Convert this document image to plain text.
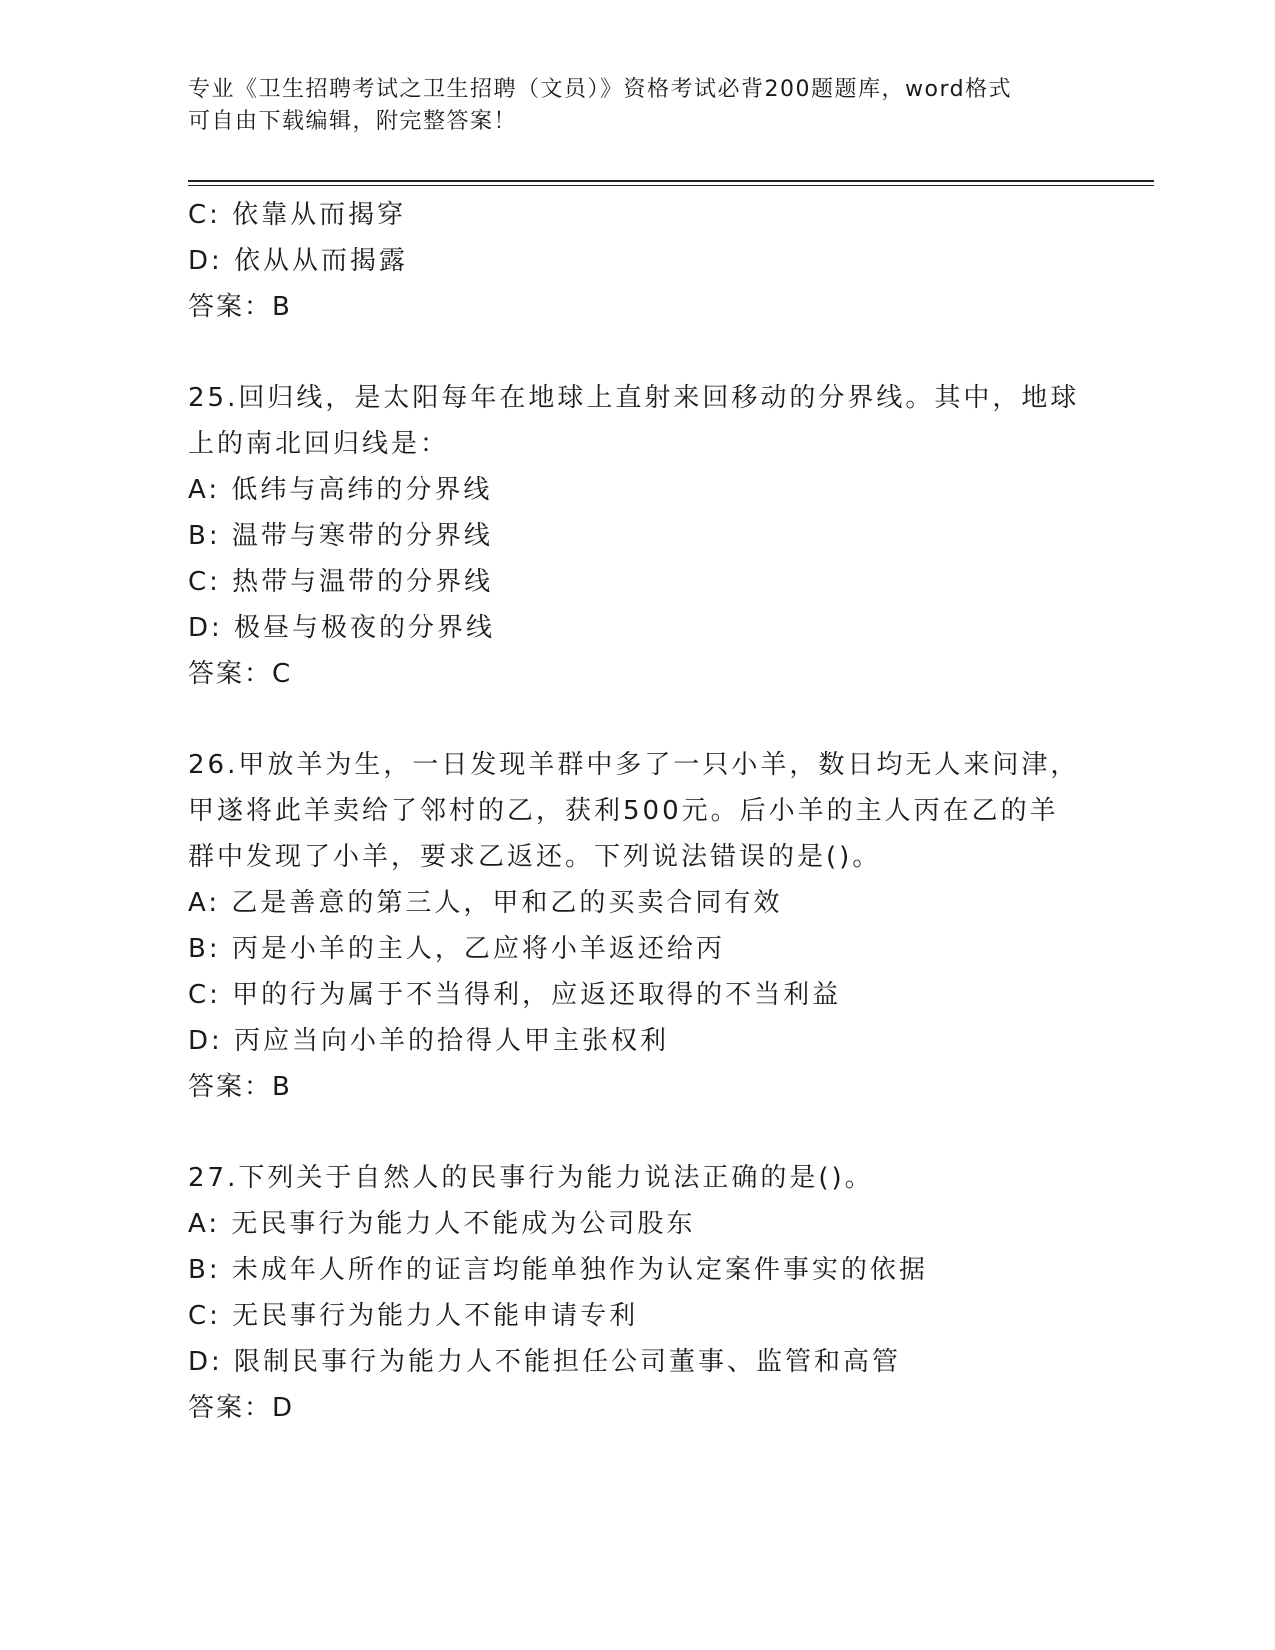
专业《卫生招聘考试之卫生招聘（文员）》资格考试必背200题题库，word格式
可自由下载编辑，附完整答案！
C: 依靠从而揭穿
D: 依从从而揭露
答案：B
25.回归线，是太阳每年在地球上直射来回移动的分界线。其中，地球
上的南北回归线是：
A: 低纬与高纬的分界线
B: 温带与寒带的分界线
C: 热带与温带的分界线
D: 极昼与极夜的分界线
答案：C
26.甲放羊为生，一日发现羊群中多了一只小羊，数日均无人来问津，
甲遂将此羊卖给了邻村的乙，获利500元。后小羊的主人丙在乙的羊
群中发现了小羊，要求乙返还。下列说法错误的是()。
A: 乙是善意的第三人，甲和乙的买卖合同有效
B: 丙是小羊的主人，乙应将小羊返还给丙
C: 甲的行为属于不当得利，应返还取得的不当利益
D: 丙应当向小羊的拾得人甲主张权利
答案：B
27.下列关于自然人的民事行为能力说法正确的是()。
A: 无民事行为能力人不能成为公司股东
B: 未成年人所作的证言均能单独作为认定案件事实的依据
C: 无民事行为能力人不能申请专利
D: 限制民事行为能力人不能担任公司董事、监管和高管
答案：D
